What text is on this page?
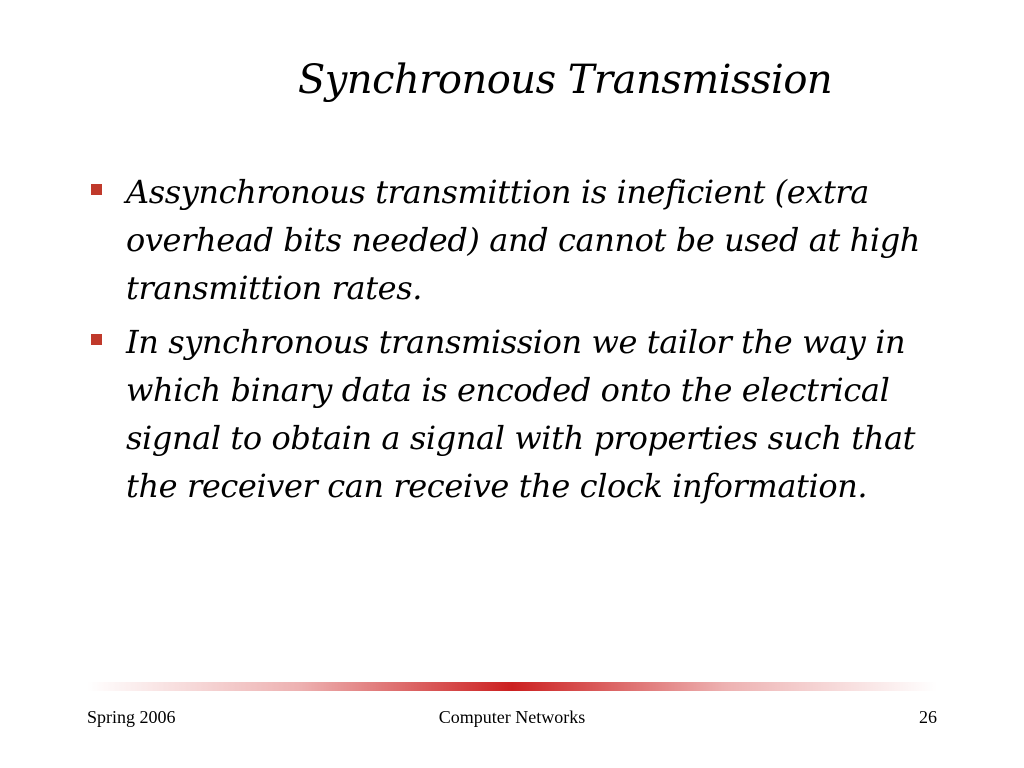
Synchronous Transmission
Assynchronous transmittion is ineficient (extra overhead bits needed) and cannot be used at high transmittion rates.
In synchronous transmission we tailor the way in which binary data is encoded onto the electrical signal to obtain a signal with properties such that the receiver can receive the clock information.
Spring 2006	Computer Networks	26
